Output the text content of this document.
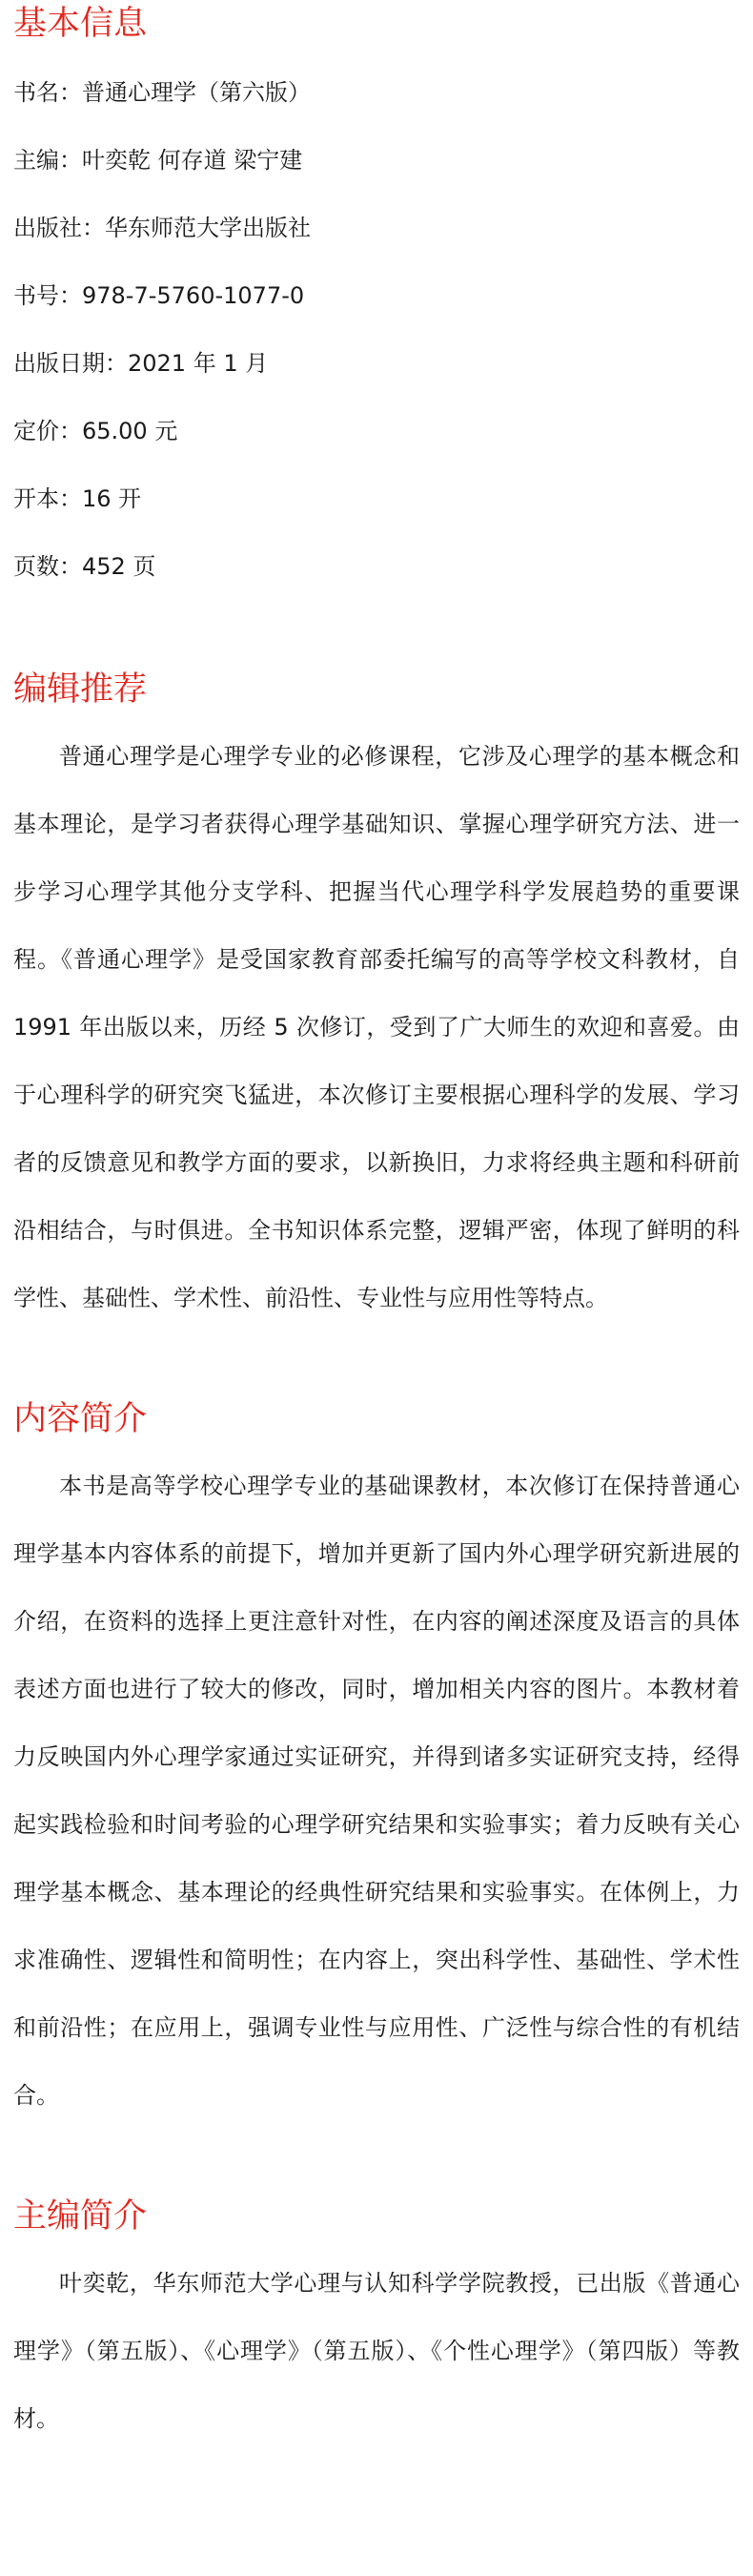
基本信息
书名：普通心理学（第六版）
主编：叶奕乾 何存道 梁宁建
出版社：华东师范大学出版社
书号：978-7-5760-1077-0
出版日期：2021 年 1 月
定价：65.00 元
开本：16 开
页数：452 页
编辑推荐

普通心理学是心理学专业的必修课程，它涉及心理学的基本概念和基本理论，是学习者获得心理学基础知识、掌握心理学研究方法、进一步学习心理学其他分支学科、把握当代心理学科学发展趋势的重要课程。《普通心理学》是受国家教育部委托编写的高等学校文科教材，自 1991 年出版以来，历经 5 次修订，受到了广大师生的欢迎和喜爱。由于心理科学的研究突飞猛进，本次修订主要根据心理科学的发展、学习者的反馈意见和教学方面的要求，以新换旧，力求将经典主题和科研前沿相结合，与时俱进。全书知识体系完整，逻辑严密，体现了鲜明的科学性、基础性、学术性、前沿性、专业性与应用性等特点。

内容简介

本书是高等学校心理学专业的基础课教材，本次修订在保持普通心理学基本内容体系的前提下，增加并更新了国内外心理学研究新进展的介绍，在资料的选择上更注意针对性，在内容的阐述深度及语言的具体表述方面也进行了较大的修改，同时，增加相关内容的图片。本教材着力反映国内外心理学家通过实证研究，并得到诸多实证研究支持，经得起实践检验和时间考验的心理学研究结果和实验事实；着力反映有关心理学基本概念、基本理论的经典性研究结果和实验事实。在体例上，力求准确性、逻辑性和简明性；在内容上，突出科学性、基础性、学术性和前沿性；在应用上，强调专业性与应用性、广泛性与综合性的有机结合。

主编简介

叶奕乾，华东师范大学心理与认知科学学院教授，已出版《普通心理学》（第五版）、《心理学》（第五版）、《个性心理学》（第四版）等教材。
